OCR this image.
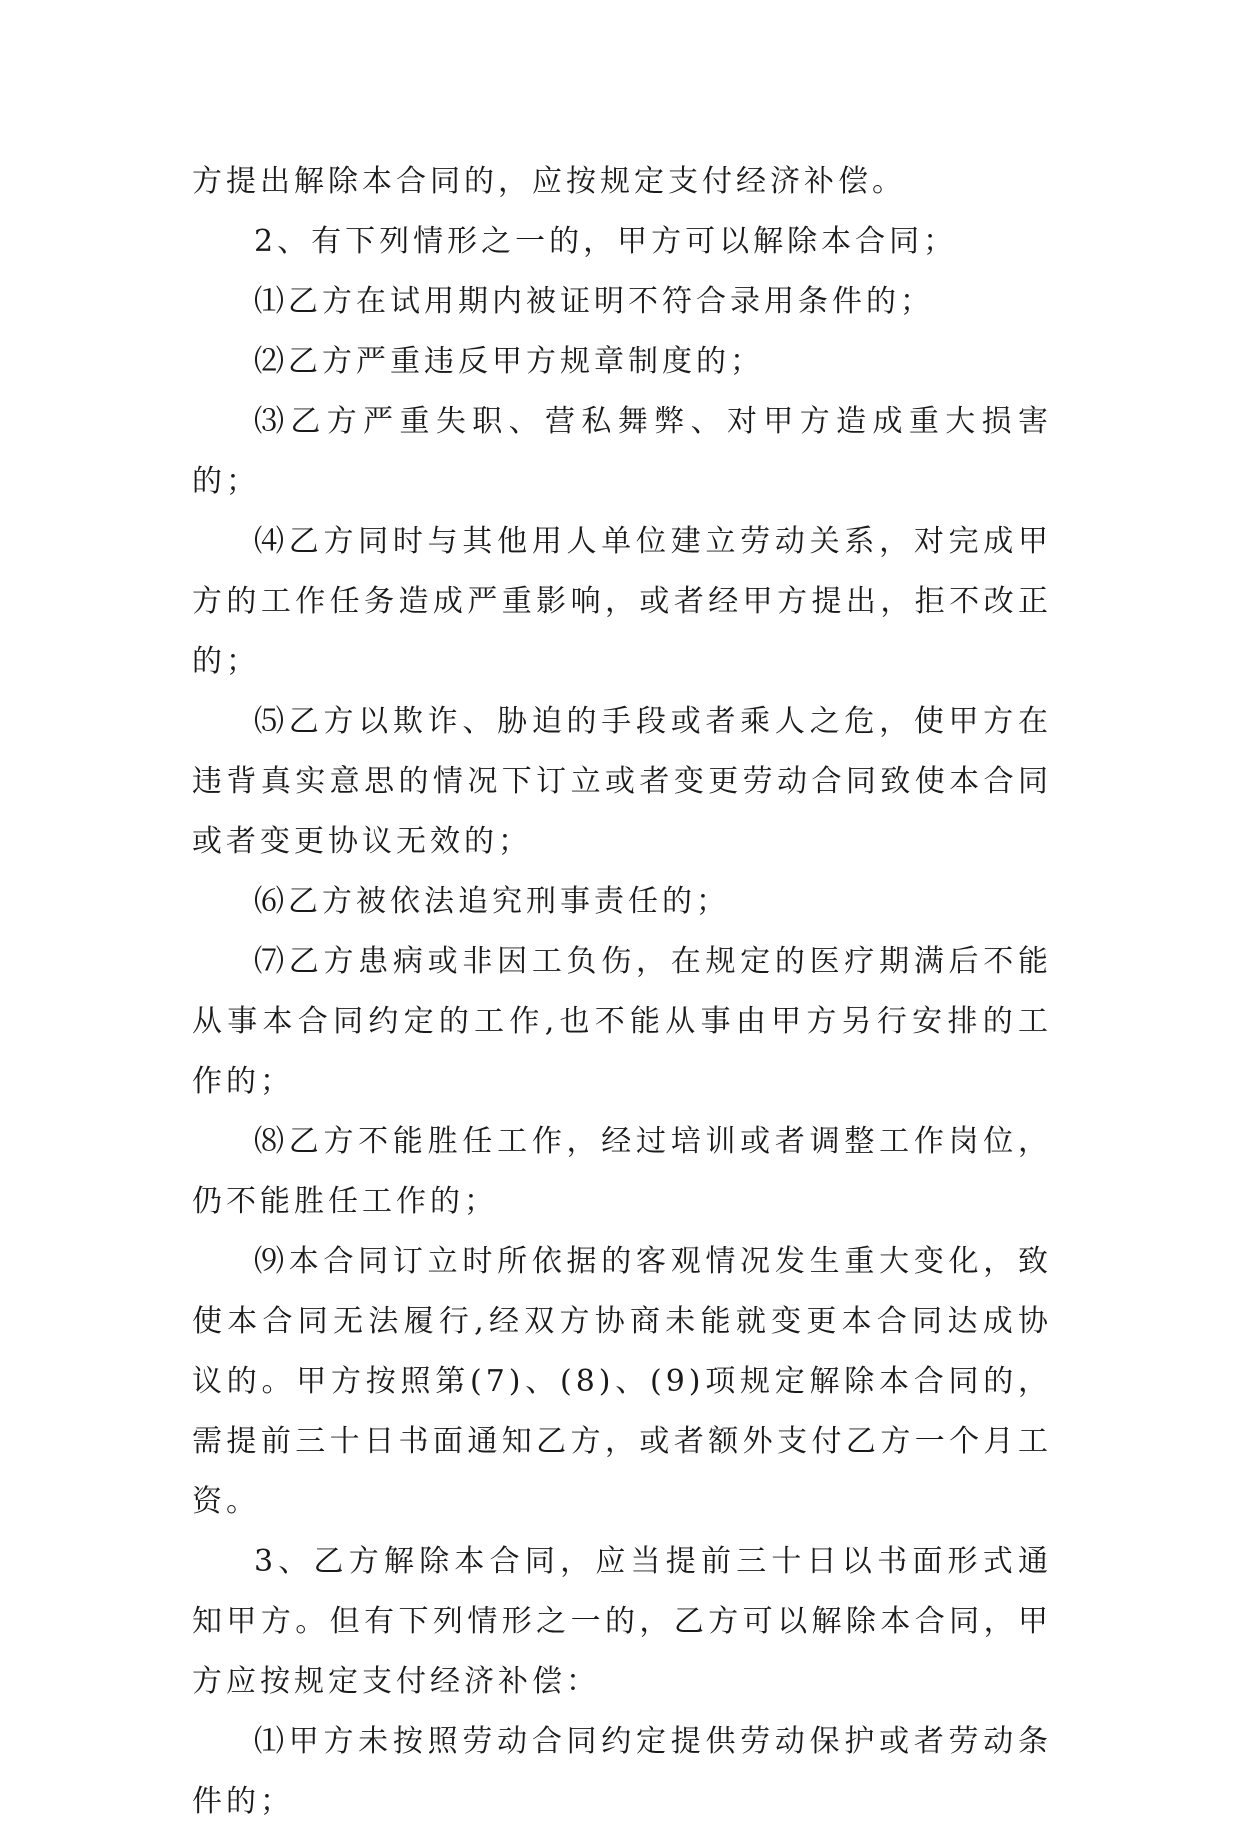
方提出解除本合同的，应按规定支付经济补偿。

2、有下列情形之一的，甲方可以解除本合同；

⑴乙方在试用期内被证明不符合录用条件的；

⑵乙方严重违反甲方规章制度的；

⑶乙方严重失职、营私舞弊、对甲方造成重大损害的；

⑷乙方同时与其他用人单位建立劳动关系，对完成甲方的工作任务造成严重影响，或者经甲方提出，拒不改正的；

⑸乙方以欺诈、胁迫的手段或者乘人之危，使甲方在违背真实意思的情况下订立或者变更劳动合同致使本合同或者变更协议无效的；

⑹乙方被依法追究刑事责任的；

⑺乙方患病或非因工负伤，在规定的医疗期满后不能从事本合同约定的工作,也不能从事由甲方另行安排的工作的；

⑻乙方不能胜任工作，经过培训或者调整工作岗位，仍不能胜任工作的；

⑼本合同订立时所依据的客观情况发生重大变化，致使本合同无法履行,经双方协商未能就变更本合同达成协议的。甲方按照第(7)、(8)、(9)项规定解除本合同的，需提前三十日书面通知乙方，或者额外支付乙方一个月工资。

3、乙方解除本合同，应当提前三十日以书面形式通知甲方。但有下列情形之一的，乙方可以解除本合同，甲方应按规定支付经济补偿：

⑴甲方未按照劳动合同约定提供劳动保护或者劳动条件的；
